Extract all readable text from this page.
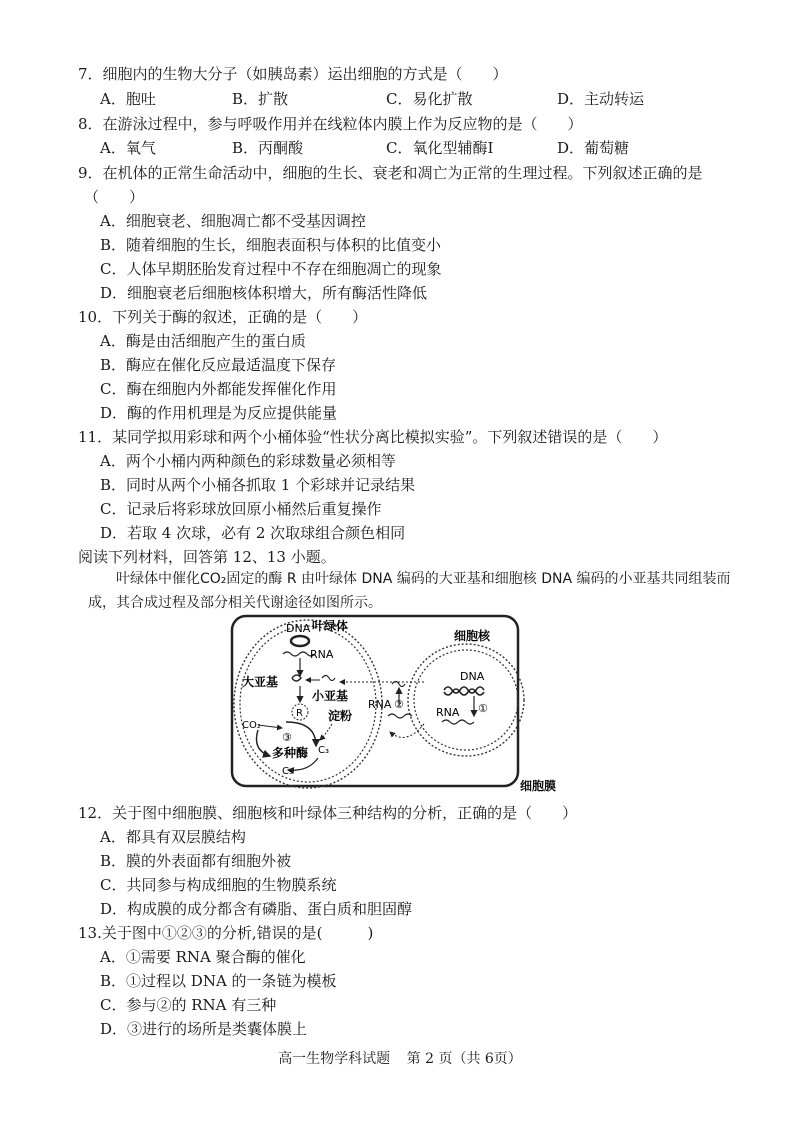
7．细胞内的生物大分子（如胰岛素）运出细胞的方式是（　　）
A．胞吐	B．扩散	C．易化扩散	D．主动转运
8．在游泳过程中，参与呼吸作用并在线粒体内膜上作为反应物的是（　　）
A．氧气	B．丙酮酸	C．氧化型辅酶Ⅰ	D．葡萄糖
9．在机体的正常生命活动中，细胞的生长、衰老和凋亡为正常的生理过程。下列叙述正确的是
（　　）
A．细胞衰老、细胞凋亡都不受基因调控
B．随着细胞的生长，细胞表面积与体积的比值变小
C．人体早期胚胎发育过程中不存在细胞凋亡的现象
D．细胞衰老后细胞核体积增大，所有酶活性降低
10．下列关于酶的叙述，正确的是（　　）
A．酶是由活细胞产生的蛋白质
B．酶应在催化反应最适温度下保存
C．酶在细胞内外都能发挥催化作用
D．酶的作用机理是为反应提供能量
11．某同学拟用彩球和两个小桶体验“性状分离比模拟实验”。下列叙述错误的是（　　）
A．两个小桶内两种颜色的彩球数量必须相等
B．同时从两个小桶各抓取 1 个彩球并记录结果
C．记录后将彩球放回原小桶然后重复操作
D．若取 4 次球，必有 2 次取球组合颜色相同
阅读下列材料，回答第 12、13 小题。
叶绿体中催化CO₂固定的酶 R 由叶绿体 DNA 编码的大亚基和细胞核 DNA 编码的小亚基共同组装而成，其合成过程及部分相关代谢途径如图所示。
DNA
RNA
叶绿体
大亚基
小亚基
R 淀粉
CO₂
③
多种酶 C₃
C₅
RNA ②
细胞核
DNA
RNA ①
细胞膜
12．关于图中细胞膜、细胞核和叶绿体三种结构的分析，正确的是（　　）
A．都具有双层膜结构
B．膜的外表面都有细胞外被
C．共同参与构成细胞的生物膜系统
D．构成膜的成分都含有磷脂、蛋白质和胆固醇
13.关于图中①②③的分析,错误的是(　　　)
A．①需要 RNA 聚合酶的催化
B．①过程以 DNA 的一条链为模板
C．参与②的 RNA 有三种
D．③进行的场所是类囊体膜上
高一生物学科试题 第 2 页（共 6页）
